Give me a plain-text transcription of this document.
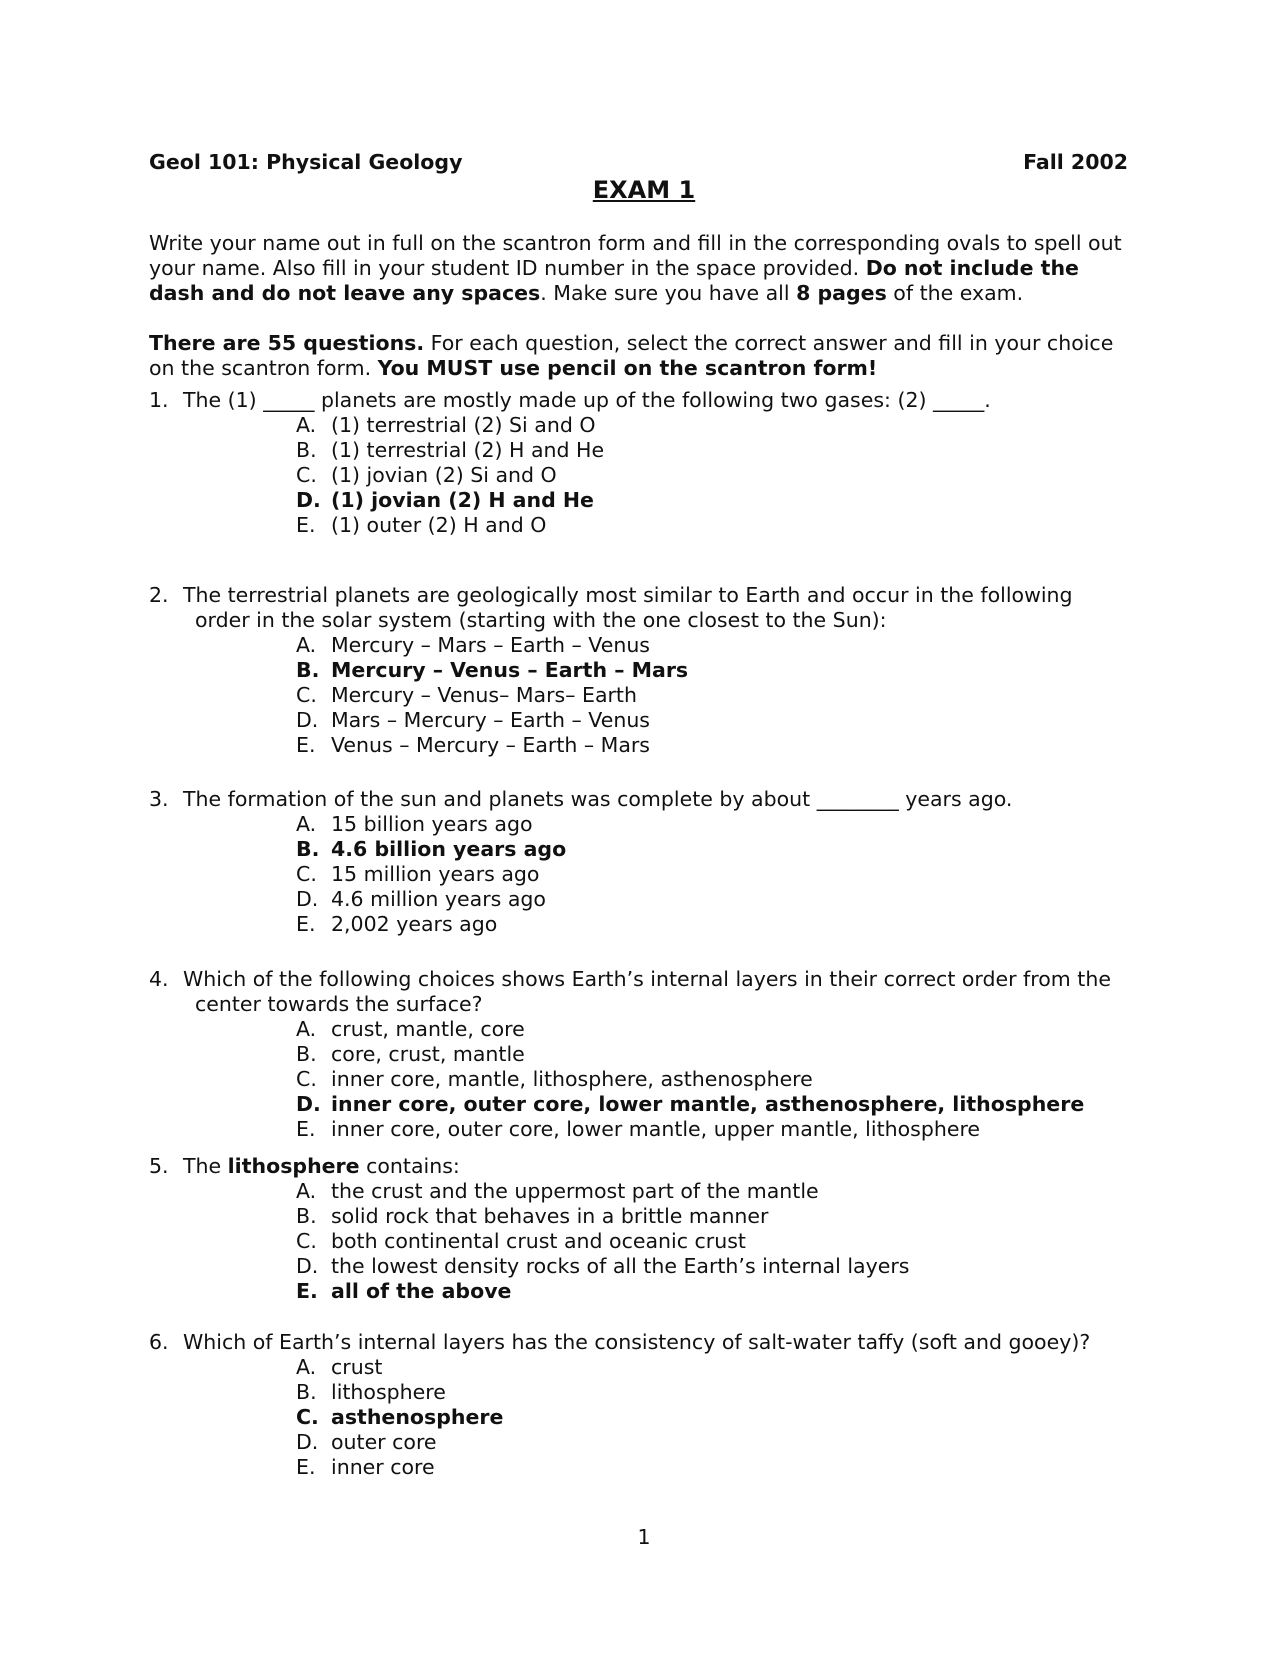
Geol 101: Physical Geology	Fall 2002
EXAM 1
Write your name out in full on the scantron form and fill in the corresponding ovals to spell out your name. Also fill in your student ID number in the space provided. Do not include the dash and do not leave any spaces. Make sure you have all 8 pages of the exam.
There are 55 questions. For each question, select the correct answer and fill in your choice on the scantron form. You MUST use pencil on the scantron form!
1. The (1) _____ planets are mostly made up of the following two gases: (2) _____.
A. (1) terrestrial (2) Si and O
B. (1) terrestrial (2) H and He
C. (1) jovian (2) Si and O
D. (1) jovian (2) H and He
E. (1) outer (2) H and O
2. The terrestrial planets are geologically most similar to Earth and occur in the following
order in the solar system (starting with the one closest to the Sun):
A. Mercury – Mars – Earth – Venus
B. Mercury – Venus – Earth – Mars
C. Mercury – Venus– Mars– Earth
D. Mars – Mercury – Earth – Venus
E. Venus – Mercury – Earth – Mars
3. The formation of the sun and planets was complete by about ________ years ago.
A. 15 billion years ago
B. 4.6 billion years ago
C. 15 million years ago
D. 4.6 million years ago
E. 2,002 years ago
4. Which of the following choices shows Earth’s internal layers in their correct order from the
center towards the surface?
A. crust, mantle, core
B. core, crust, mantle
C. inner core, mantle, lithosphere, asthenosphere
D. inner core, outer core, lower mantle, asthenosphere, lithosphere
E. inner core, outer core, lower mantle, upper mantle, lithosphere
5. The lithosphere contains:
A. the crust and the uppermost part of the mantle
B. solid rock that behaves in a brittle manner
C. both continental crust and oceanic crust
D. the lowest density rocks of all the Earth’s internal layers
E. all of the above
6. Which of Earth’s internal layers has the consistency of salt-water taffy (soft and gooey)?
A. crust
B. lithosphere
C. asthenosphere
D. outer core
E. inner core
1
